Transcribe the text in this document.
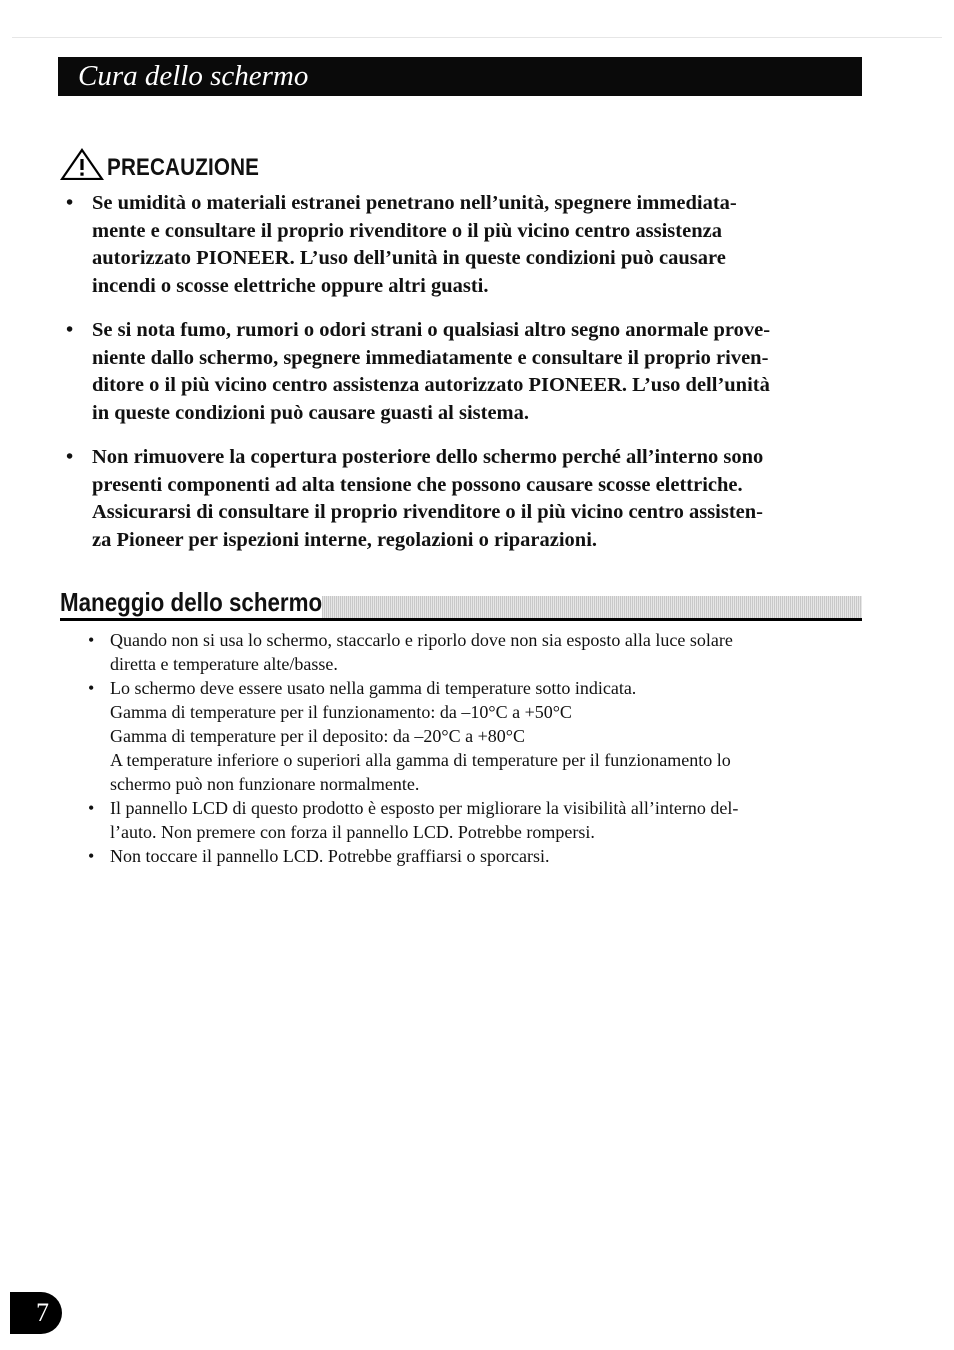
Cura dello schermo
PRECAUZIONE
• Se umidità o materiali estranei penetrano nell’unità, spegnere immediata-
mente e consultare il proprio rivenditore o il più vicino centro assistenza
autorizzato PIONEER. L’uso dell’unità in queste condizioni può causare
incendi o scosse elettriche oppure altri guasti.
• Se si nota fumo, rumori o odori strani o qualsiasi altro segno anormale prove-
niente dallo schermo, spegnere immediatamente e consultare il proprio riven-
ditore o il più vicino centro assistenza autorizzato PIONEER. L’uso dell’unità
in queste condizioni può causare guasti al sistema.
• Non rimuovere la copertura posteriore dello schermo perché all’interno sono
presenti componenti ad alta tensione che possono causare scosse elettriche.
Assicurarsi di consultare il proprio rivenditore o il più vicino centro assisten-
za Pioneer per ispezioni interne, regolazioni o riparazioni.
Maneggio dello schermo
• Quando non si usa lo schermo, staccarlo e riporlo dove non sia esposto alla luce solare
diretta e temperature alte/basse.
• Lo schermo deve essere usato nella gamma di temperature sotto indicata.
Gamma di temperature per il funzionamento: da –10°C a +50°C
Gamma di temperature per il deposito: da –20°C a +80°C
A temperature inferiore o superiori alla gamma di temperature per il funzionamento lo
schermo può non funzionare normalmente.
• Il pannello LCD di questo prodotto è esposto per migliorare la visibilità all’interno del-
l’auto. Non premere con forza il pannello LCD. Potrebbe rompersi.
• Non toccare il pannello LCD. Potrebbe graffiarsi o sporcarsi.
7
